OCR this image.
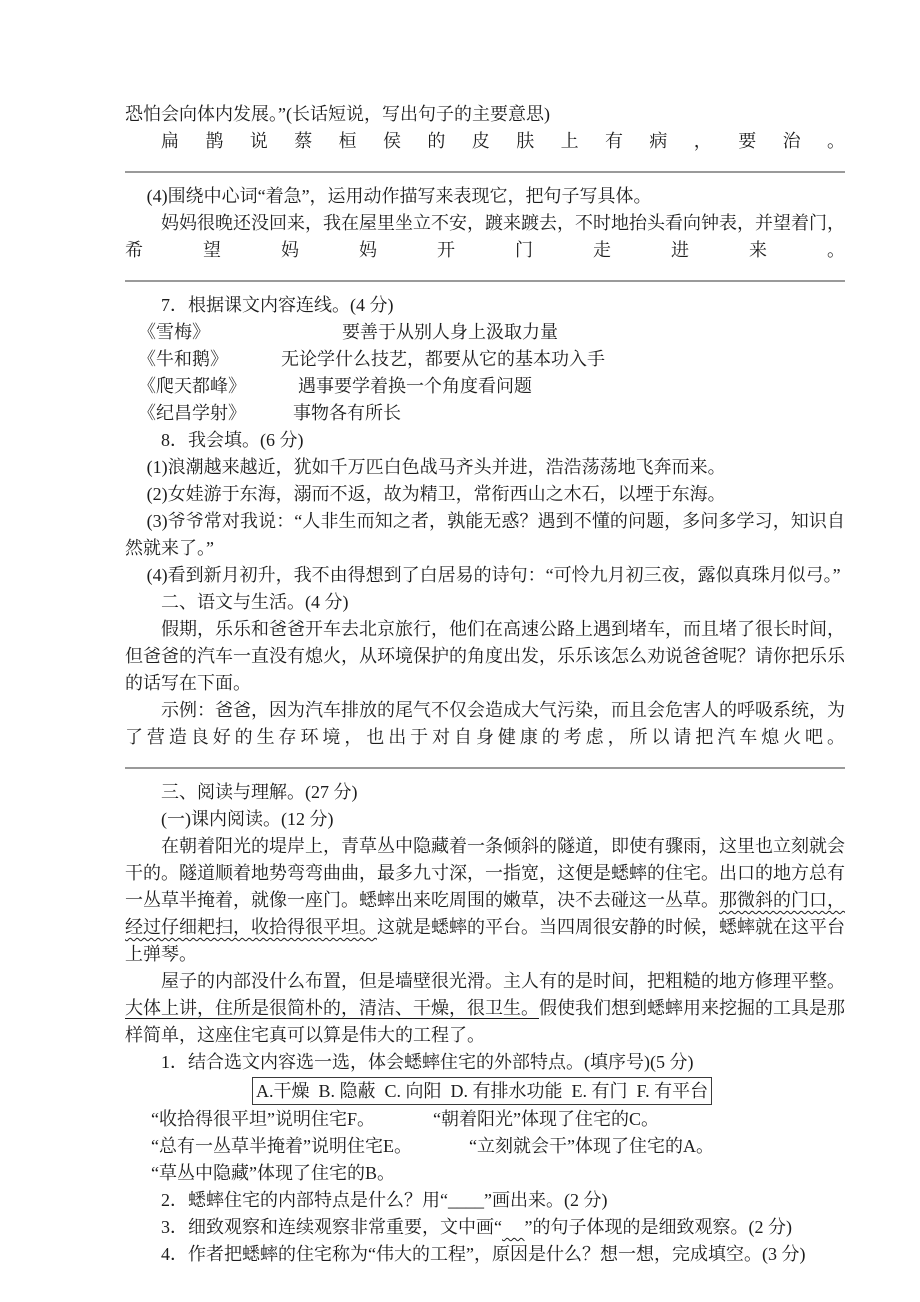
恐怕会向体内发展。”(长话短说，写出句子的主要意思)

扁鹊说蔡桓侯的皮肤上有病，要治。

(4)围绕中心词“着急”，运用动作描写来表现它，把句子写具体。

妈妈很晚还没回来，我在屋里坐立不安，踱来踱去，不时地抬头看向钟表，并望着门，希望妈妈开门走进来。

7．根据课文内容连线。(4 分)

《雪梅》	要善于从别人身上汲取力量
《牛和鹅》	无论学什么技艺，都要从它的基本功入手
《爬天都峰》	遇事要学着换一个角度看问题
《纪昌学射》	事物各有所长

8．我会填。(6 分)

(1)浪潮越来越近，犹如千万匹白色战马齐头并进，浩浩荡荡地飞奔而来。

(2)女娃游于东海，溺而不返，故为精卫，常衔西山之木石，以堙于东海。

(3)爷爷常对我说：“人非生而知之者，孰能无惑？遇到不懂的问题，多问多学习，知识自然就来了。”

(4)看到新月初升，我不由得想到了白居易的诗句：“可怜九月初三夜，露似真珠月似弓。”

二、语文与生活。(4 分)

假期，乐乐和爸爸开车去北京旅行，他们在高速公路上遇到堵车，而且堵了很长时间，但爸爸的汽车一直没有熄火，从环境保护的角度出发，乐乐该怎么劝说爸爸呢？请你把乐乐的话写在下面。

示例：爸爸，因为汽车排放的尾气不仅会造成大气污染，而且会危害人的呼吸系统，为了营造良好的生存环境，也出于对自身健康的考虑，所以请把汽车熄火吧。

三、阅读与理解。(27 分)

(一)课内阅读。(12 分)

在朝着阳光的堤岸上，青草丛中隐藏着一条倾斜的隧道，即使有骤雨，这里也立刻就会干的。隧道顺着地势弯弯曲曲，最多九寸深，一指宽，这便是蟋蟀的住宅。出口的地方总有一丛草半掩着，就像一座门。蟋蟀出来吃周围的嫩草，决不去碰这一丛草。那微斜的门口，经过仔细耙扫，收拾得很平坦。这就是蟋蟀的平台。当四周很安静的时候，蟋蟀就在这平台上弹琴。

屋子的内部没什么布置，但是墙壁很光滑。主人有的是时间，把粗糙的地方修理平整。大体上讲，住所是很简朴的，清洁、干燥，很卫生。假使我们想到蟋蟀用来挖掘的工具是那样简单，这座住宅真可以算是伟大的工程了。

1．结合选文内容选一选，体会蟋蟀住宅的外部特点。(填序号)(5 分)

A.干燥  B. 隐蔽  C. 向阳  D. 有排水功能  E. 有门  F. 有平台
“收拾得很平坦”说明住宅F。	“朝着阳光”体现了住宅的C。
“总有一丛草半掩着”说明住宅E。	“立刻就会干”体现了住宅的A。
“草丛中隐藏”体现了住宅的B。

2．蟋蟀住宅的内部特点是什么？用“____”画出来。(2 分)

3．细致观察和连续观察非常重要，文中画“ ”的句子体现的是细致观察。(2 分)

4．作者把蟋蟀的住宅称为“伟大的工程”，原因是什么？想一想，完成填空。(3 分)
